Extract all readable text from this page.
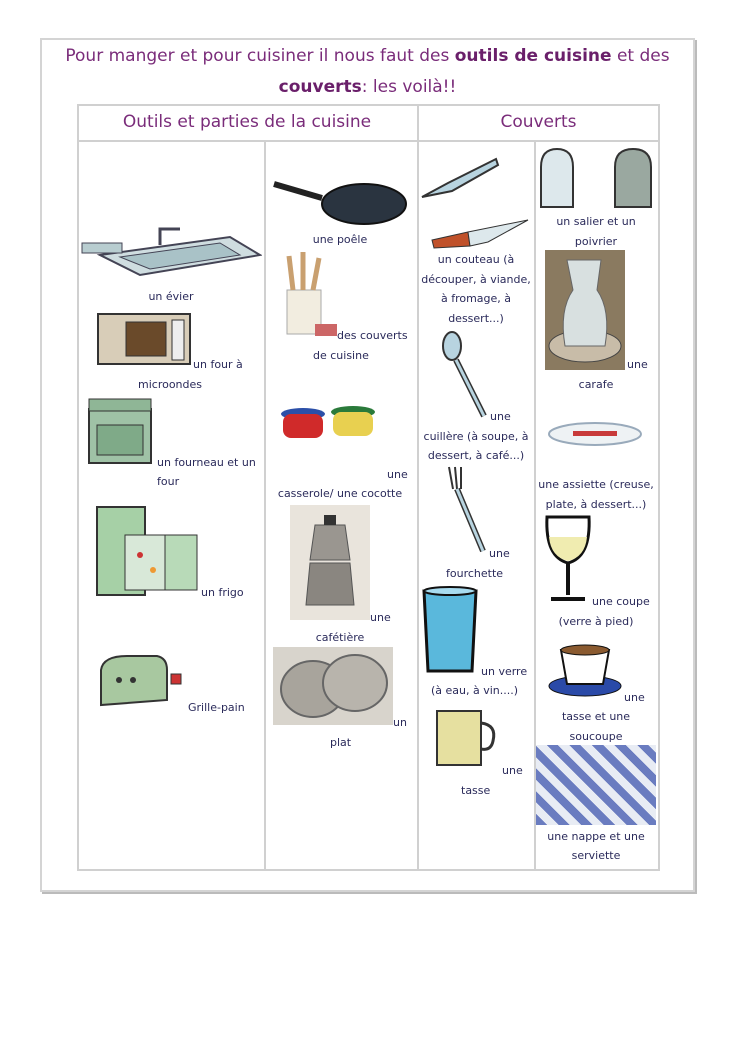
Pour manger et pour cuisiner il nous faut des outils de cuisine et des
couverts: les voilà!!
Outils et parties de la cuisine	Couverts
un évier
un four à
microondes
un fourneau et un
four
un frigo
Grille-pain
une poêle
des couverts
de cuisine
une
casserole/ une cocotte
une
cafétière
un
plat
un couteau (à
découper, à viande,
à fromage, à
dessert...)
une
cuillère (à soupe, à
dessert, à café...)
une
fourchette
un verre
(à eau, à vin....)
une
tasse
un salier et un
poivrier
une
carafe
une assiette (creuse,
plate, à dessert...)
une coupe
(verre à pied)
une
tasse et une
soucoupe
une nappe et une
serviette
